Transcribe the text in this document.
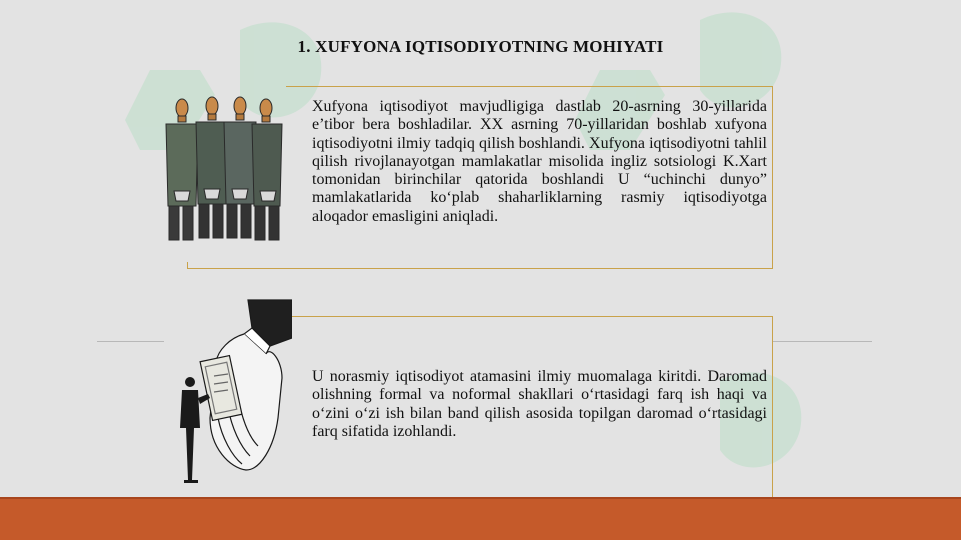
1. XUFYONA IQTISODIYOTNING MOHIYATI
Xufyona iqtisodiyot mavjudligiga dastlab 20-asrning 30-yillarida e’tibor bera boshladilar. XX asrning 70-yillaridan boshlab xufyona iqtisodiyotni ilmiy tadqiq qilish boshlandi. Xufyona iqtisodiyotni tahlil qilish rivojlanayotgan mamlakatlar misolida ingliz sotsiologi K.Xart tomonidan birinchilar qatorida boshlandi U “uchinchi dunyo” mamlakatlarida ko‘plab shaharliklarning rasmiy iqtisodiyotga aloqador emasligini aniqladi.
U norasmiy iqtisodiyot atamasini ilmiy muomalaga kiritdi. Daromad olishning formal va noformal shakllari o‘rtasidagi farq ish haqi va o‘zini o‘zi ish bilan band qilish asosida topilgan daromad o‘rtasidagi farq sifatida izohlandi.
